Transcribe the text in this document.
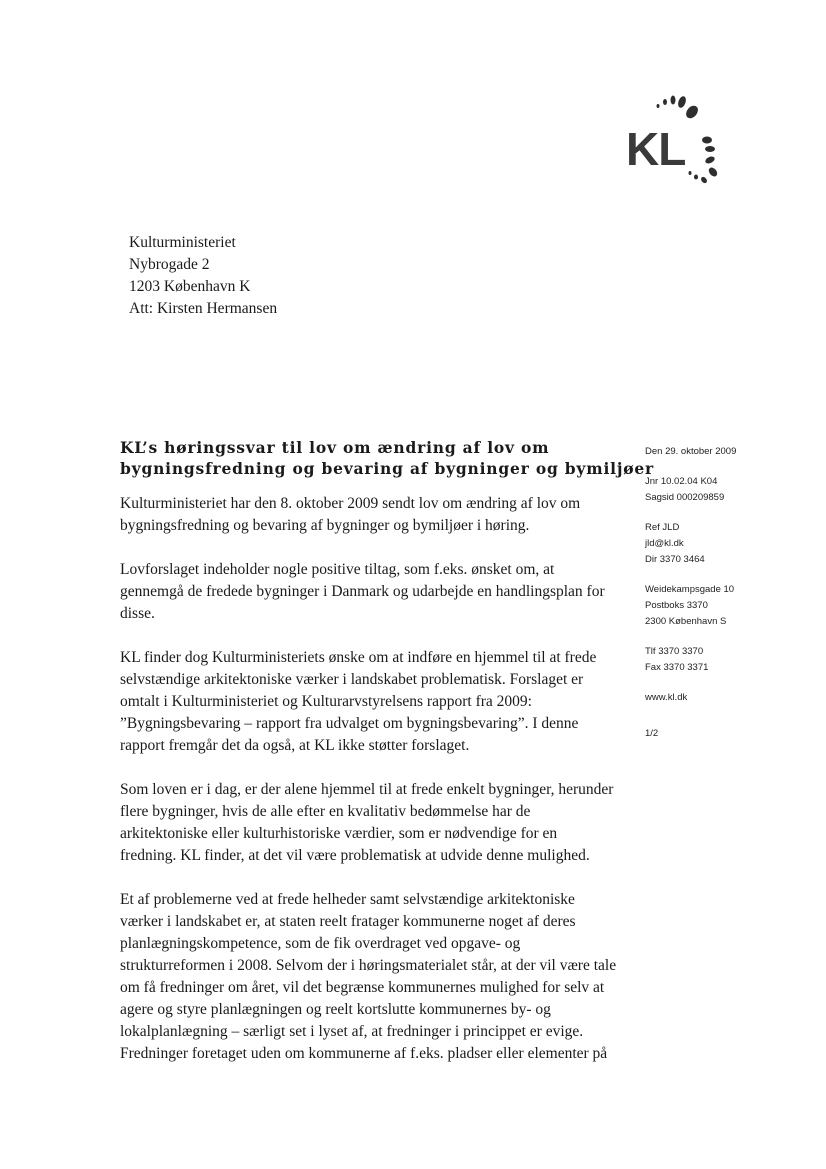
KL
Kulturministeriet
Nybrogade 2
1203 København K
Att: Kirsten Hermansen
KL’s høringssvar til lov om ændring af lov om
bygningsfredning og bevaring af bygninger og bymiljøer
Kulturministeriet har den 8. oktober 2009 sendt lov om ændring af lov om
bygningsfredning og bevaring af bygninger og bymiljøer i høring.
Lovforslaget indeholder nogle positive tiltag, som f.eks. ønsket om, at
gennemgå de fredede bygninger i Danmark og udarbejde en handlingsplan for
disse.
KL finder dog Kulturministeriets ønske om at indføre en hjemmel til at frede
selvstændige arkitektoniske værker i landskabet problematisk. Forslaget er
omtalt i Kulturministeriet og Kulturarvstyrelsens rapport fra 2009:
”Bygningsbevaring – rapport fra udvalget om bygningsbevaring”. I denne
rapport fremgår det da også, at KL ikke støtter forslaget.
Som loven er i dag, er der alene hjemmel til at frede enkelt bygninger, herunder
flere bygninger, hvis de alle efter en kvalitativ bedømmelse har de
arkitektoniske eller kulturhistoriske værdier, som er nødvendige for en
fredning. KL finder, at det vil være problematisk at udvide denne mulighed.
Et af problemerne ved at frede helheder samt selvstændige arkitektoniske
værker i landskabet er, at staten reelt fratager kommunerne noget af deres
planlægningskompetence, som de fik overdraget ved opgave- og
strukturreformen i 2008. Selvom der i høringsmaterialet står, at der vil være tale
om få fredninger om året, vil det begrænse kommunernes mulighed for selv at
agere og styre planlægningen og reelt kortslutte kommunernes by- og
lokalplanlægning – særligt set i lyset af, at fredninger i princippet er evige.
Fredninger foretaget uden om kommunerne af f.eks. pladser eller elementer på
Den 29. oktober 2009
Jnr 10.02.04 K04
Sagsid 000209859
Ref JLD
jld@kl.dk
Dir 3370 3464
Weidekampsgade 10
Postboks 3370
2300 København S
Tlf 3370 3370
Fax 3370 3371
www.kl.dk
1/2
